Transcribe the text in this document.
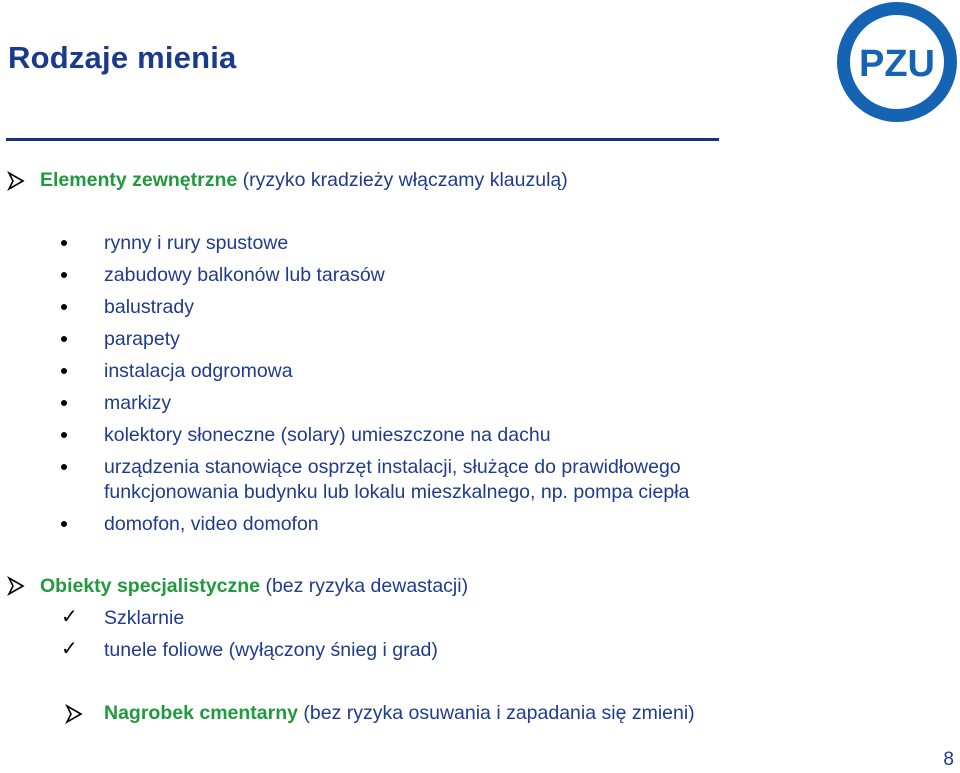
Rodzaje mienia	PZU
Elementy zewnętrzne (ryzyko kradzieży włączamy klauzulą)
rynny i rury spustowe
zabudowy balkonów lub tarasów
balustrady
parapety
instalacja odgromowa
markizy
kolektory słoneczne (solary) umieszczone na dachu
urządzenia stanowiące osprzęt instalacji, służące do prawidłowego
funkcjonowania budynku lub lokalu mieszkalnego, np. pompa ciepła
domofon, video domofon
Obiekty specjalistyczne (bez ryzyka dewastacji)
✓ Szklarnie
✓ tunele foliowe (wyłączony śnieg i grad)
Nagrobek cmentarny (bez ryzyka osuwania i zapadania się zmieni)
8
